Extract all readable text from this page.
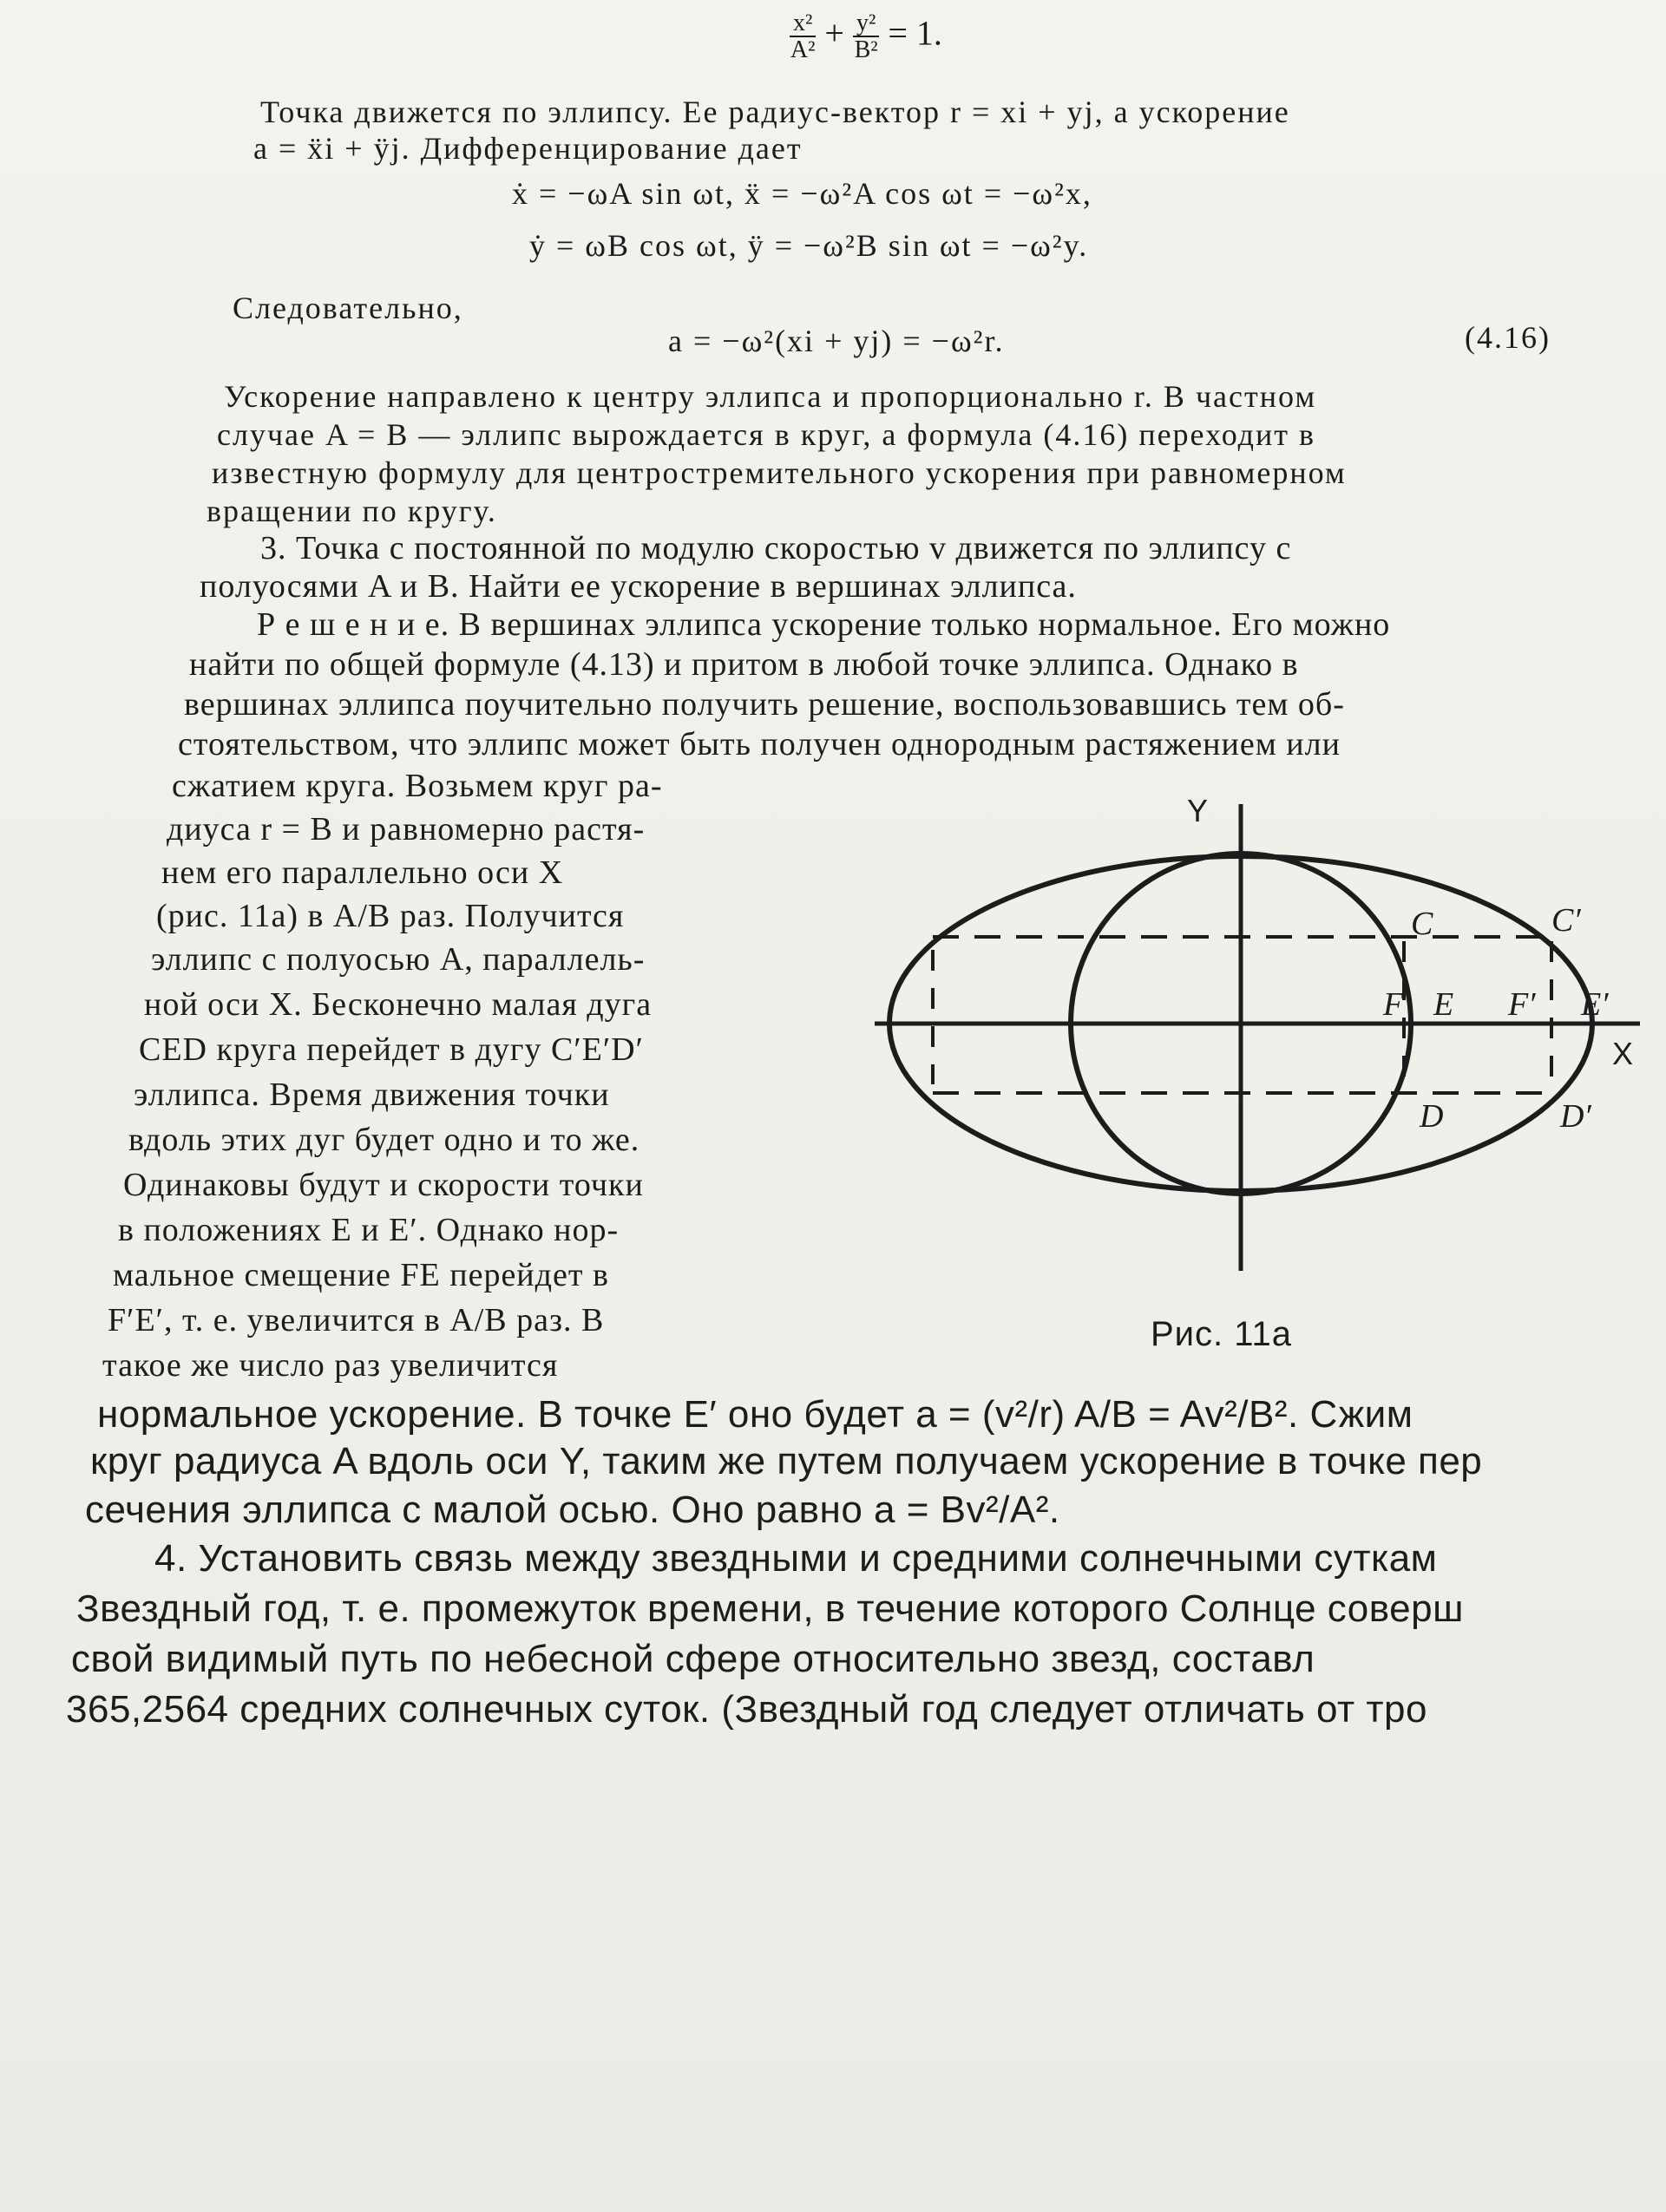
$\frac{\text{x²}}{\text{A²}} + \frac{\text{y²}}{\text{B²}} = 1$.
Точка движется по эллипсу. Ее радиус-вектор r = xi + yj, а ускорение
a = ẍi + ÿj. Дифференцирование дает
ẋ = −ωA sin ωt, ẍ = −ω²A cos ωt = −ω²x,
ẏ = ωB cos ωt, ÿ = −ω²B sin ωt = −ω²y.
Следовательно,
a = −ω²(xi + yj) = −ω²r.	(4.16)
Ускорение направлено к центру эллипса и пропорционально r. В частном
случае A = B — эллипс вырождается в круг, а формула (4.16) переходит в
известную формулу для центростремительного ускорения при равномерном
вращении по кругу.
3. Точка с постоянной по модулю скоростью v движется по эллипсу с
полуосями A и B. Найти ее ускорение в вершинах эллипса.
Р е ш е н и е. В вершинах эллипса ускорение только нормальное. Его можно
найти по общей формуле (4.13) и притом в любой точке эллипса. Однако в
вершинах эллипса поучительно получить решение, воспользовавшись тем об-
стоятельством, что эллипс может быть получен однородным растяжением или
сжатием круга. Возьмем круг ра-
диуса r = B и равномерно растя-
нем его параллельно оси X
(рис. 11a) в A/B раз. Получится
эллипс с полуосью A, параллель-
ной оси X. Бесконечно малая дуга
CED круга перейдет в дугу C′E′D′
эллипса. Время движения точки
вдоль этих дуг будет одно и то же.
Одинаковы будут и скорости точки
в положениях E и E′. Однако нор-
мальное смещение FE перейдет в
F′E′, т. е. увеличится в A/B раз. В
такое же число раз увеличится
нормальное ускорение. В точке E′ оно будет a = (v²/r) A/B = Av²/B². Сжим
круг радиуса A вдоль оси Y, таким же путем получаем ускорение в точке пер
сечения эллипса с малой осью. Оно равно a = Bv²/A².
4. Установить связь между звездными и средними солнечными суткам
Звездный год, т. е. промежуток времени, в течение которого Солнце соверш
свой видимый путь по небесной сфере относительно звезд, составл
365,2564 средних солнечных суток. (Звездный год следует отличать от тро
Y
X
C	C′
F E F′ E′
D	D′
Рис. 11a
